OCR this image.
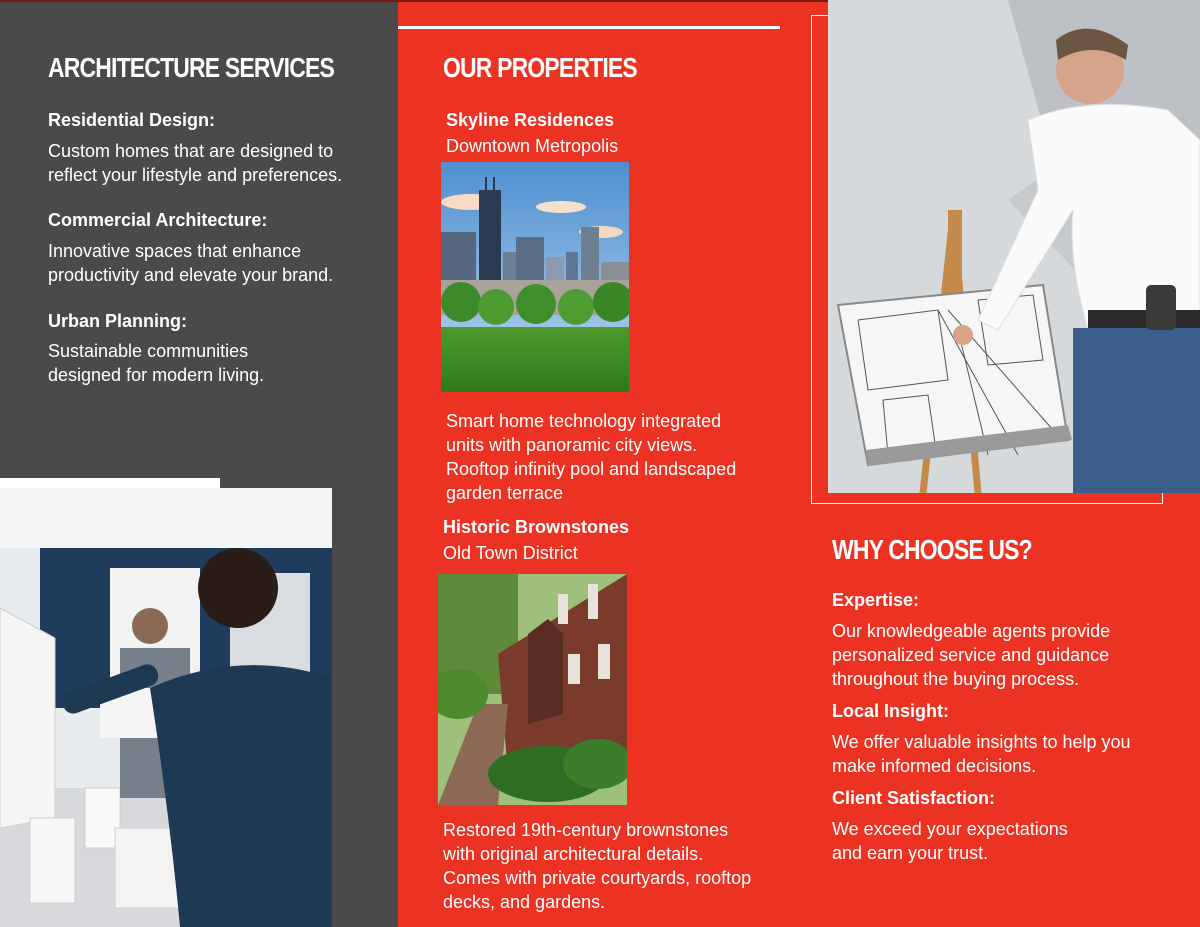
ARCHITECTURE SERVICES
Residential Design:
Custom homes that are designed to reflect your lifestyle and preferences.
Commercial Architecture:
Innovative spaces that enhance productivity and elevate your brand.
Urban Planning:
Sustainable communities designed for modern living.
OUR PROPERTIES
Skyline Residences
Downtown Metropolis
Smart home technology integrated units with panoramic city views. Rooftop infinity pool and landscaped garden terrace
Historic Brownstones
Old Town District
Restored 19th-century brownstones with original architectural details. Comes with private courtyards, rooftop decks, and gardens.
WHY CHOOSE US?
Expertise:
Our knowledgeable agents provide personalized service and guidance throughout the buying process.
Local Insight:
We offer valuable insights to help you make informed decisions.
Client Satisfaction:
We exceed your expectations and earn your trust.
